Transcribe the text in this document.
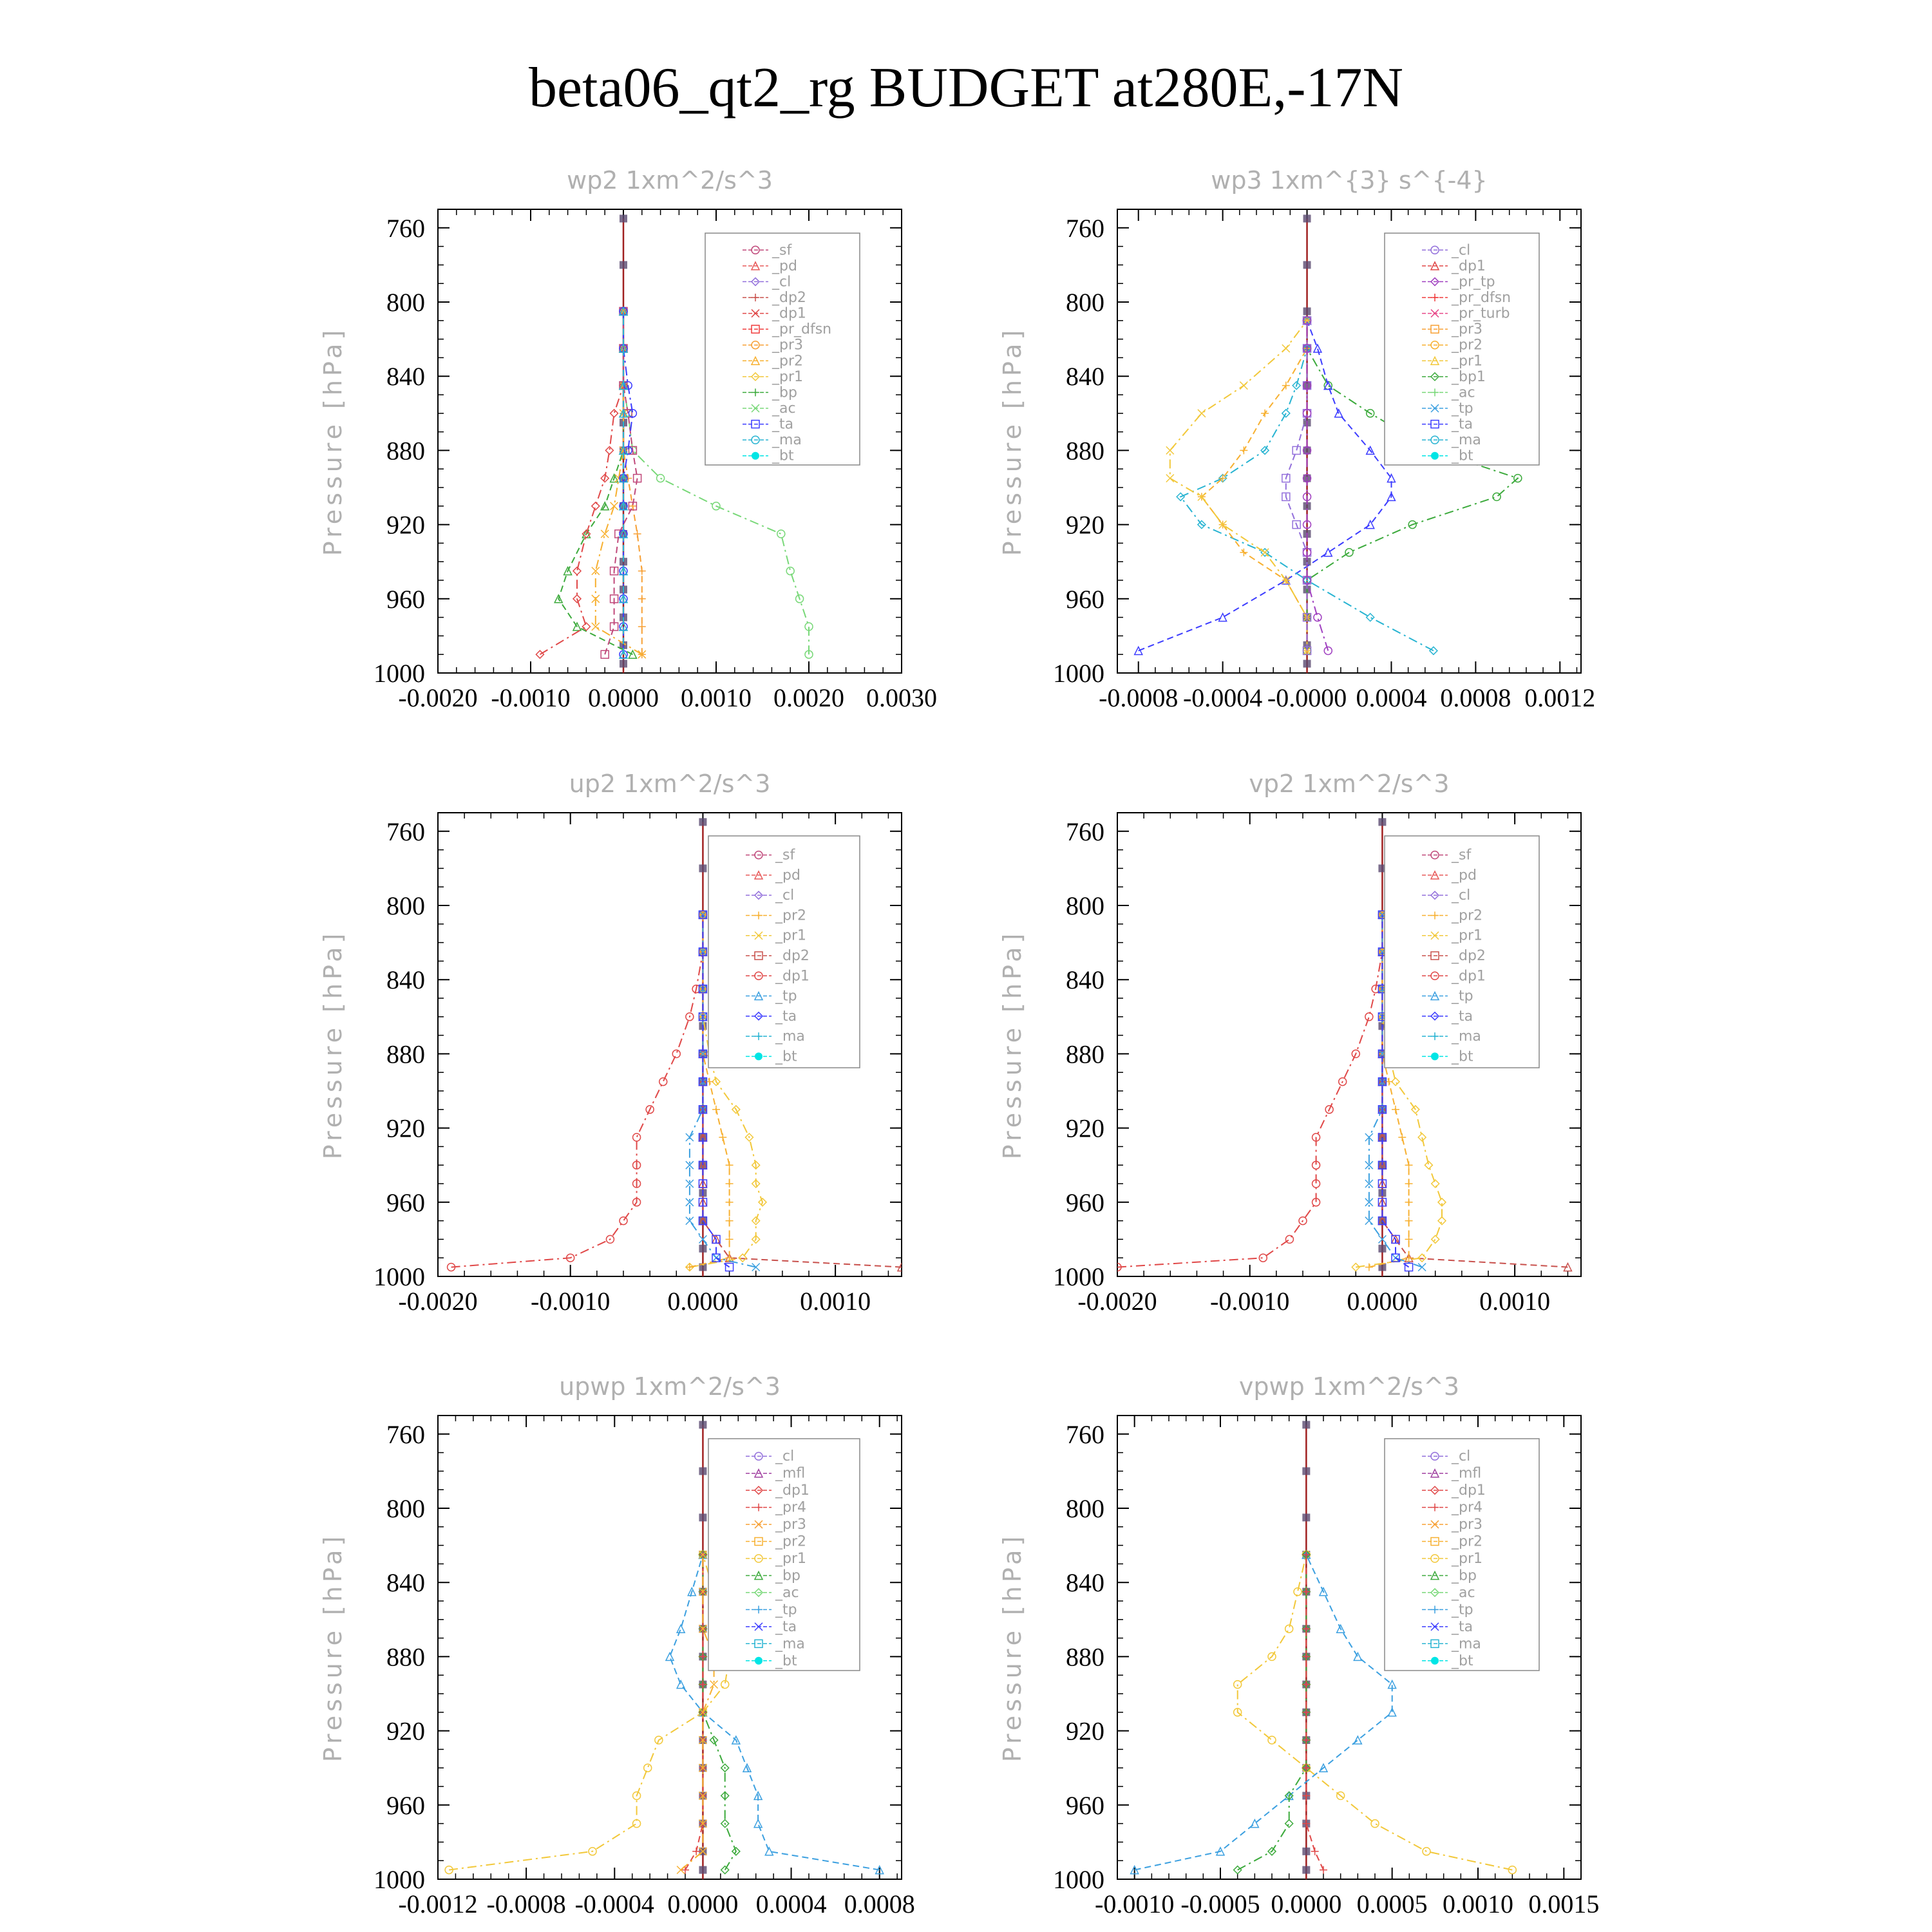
beta06_qt2_rg BUDGET at280E,-17N
wp2 1xm^2/s^3
Pressure [hPa]
760
800
840
880
920
960
1000
-0.0020 -0.0010 0.0000 0.0010 0.0020 0.0030
_sf
_pd
_cl
_dp2
_dp1
_pr_dfsn
_pr3
_pr2
_pr1
_bp
_ac
_ta
_ma
_bt
wp3 1xm^{3} s^{-4}
Pressure [hPa]
760
800
840
880
920
960
1000
-0.0008 -0.0004 -0.0000 0.0004 0.0008 0.0012
_cl
_dp1
_pr_tp
_pr_dfsn
_pr_turb
_pr3
_pr2
_pr1
_bp1
_ac
_tp
_ta
_ma
_bt
up2 1xm^2/s^3
Pressure [hPa]
760
800
840
880
920
960
1000
-0.0020 -0.0010 0.0000 0.0010
_sf
_pd
_cl
_pr2
_pr1
_dp2
_dp1
_tp
_ta
_ma
_bt
vp2 1xm^2/s^3
Pressure [hPa]
760
800
840
880
920
960
1000
-0.0020 -0.0010 0.0000 0.0010
_sf
_pd
_cl
_pr2
_pr1
_dp2
_dp1
_tp
_ta
_ma
_bt
upwp 1xm^2/s^3
Pressure [hPa]
760
800
840
880
920
960
1000
-0.0012 -0.0008 -0.0004 0.0000 0.0004 0.0008
_cl
_mfl
_dp1
_pr4
_pr3
_pr2
_pr1
_bp
_ac
_tp
_ta
_ma
_bt
vpwp 1xm^2/s^3
Pressure [hPa]
760
800
840
880
920
960
1000
-0.0010 -0.0005 0.0000 0.0005 0.0010 0.0015
_cl
_mfl
_dp1
_pr4
_pr3
_pr2
_pr1
_bp
_ac
_tp
_ta
_ma
_bt
